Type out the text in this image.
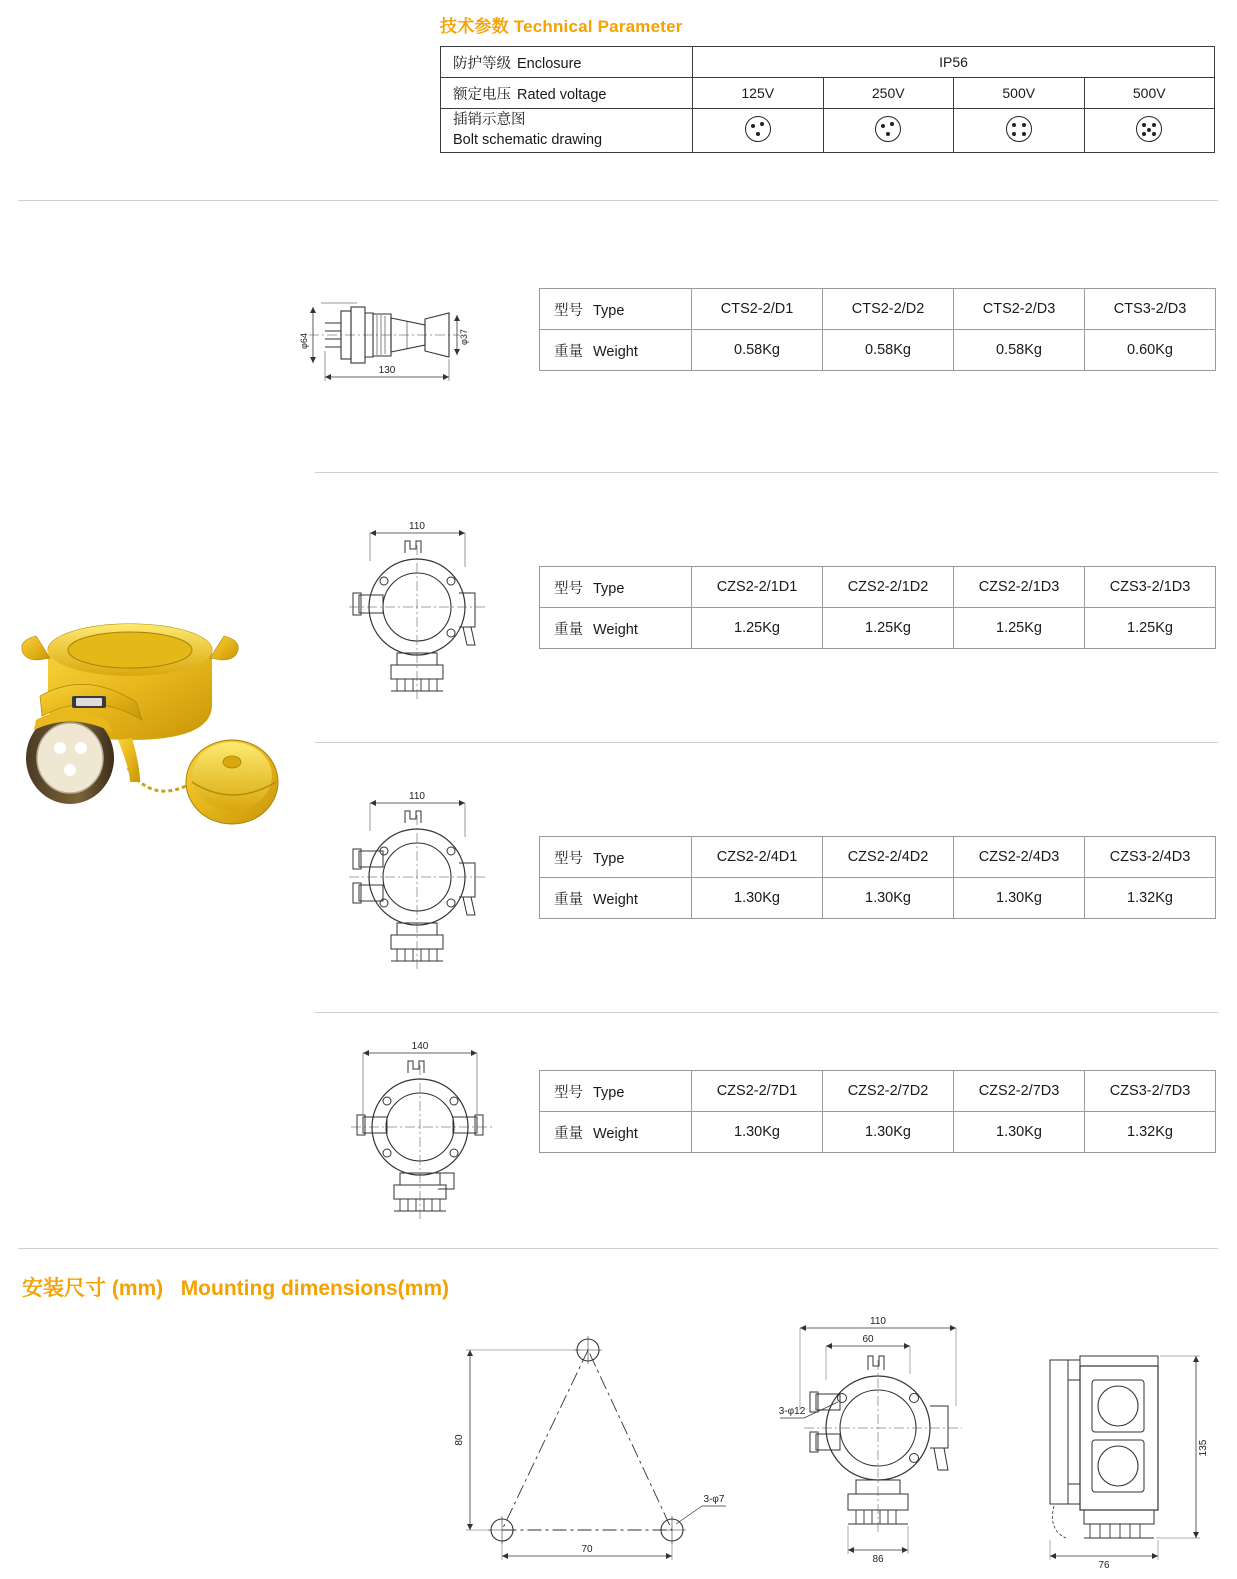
技术参数 Technical Parameter
防护等级 Enclosure	IP56			
额定电压 Rated voltage	125V	250V	500V	500V

插销示意图
Bolt schematic drawing				

φ64	φ37
130
110
110
140
型号 Type	CTS2-2/D1	CTS2-2/D2	CTS2-2/D3	CTS3-2/D3
重量 Weight	0.58Kg	0.58Kg	0.58Kg	0.60Kg
型号 Type	CZS2-2/1D1	CZS2-2/1D2	CZS2-2/1D3	CZS3-2/1D3
重量 Weight	1.25Kg	1.25Kg	1.25Kg	1.25Kg
型号 Type	CZS2-2/4D1	CZS2-2/4D2	CZS2-2/4D3	CZS3-2/4D3
重量 Weight	1.30Kg	1.30Kg	1.30Kg	1.32Kg
型号 Type	CZS2-2/7D1	CZS2-2/7D2	CZS2-2/7D3	CZS3-2/7D3
重量 Weight	1.30Kg	1.30Kg	1.30Kg	1.32Kg
安装尺寸 (mm) Mounting dimensions(mm)
80
70
3-φ7
110
60
3-φ12
86
135
76
